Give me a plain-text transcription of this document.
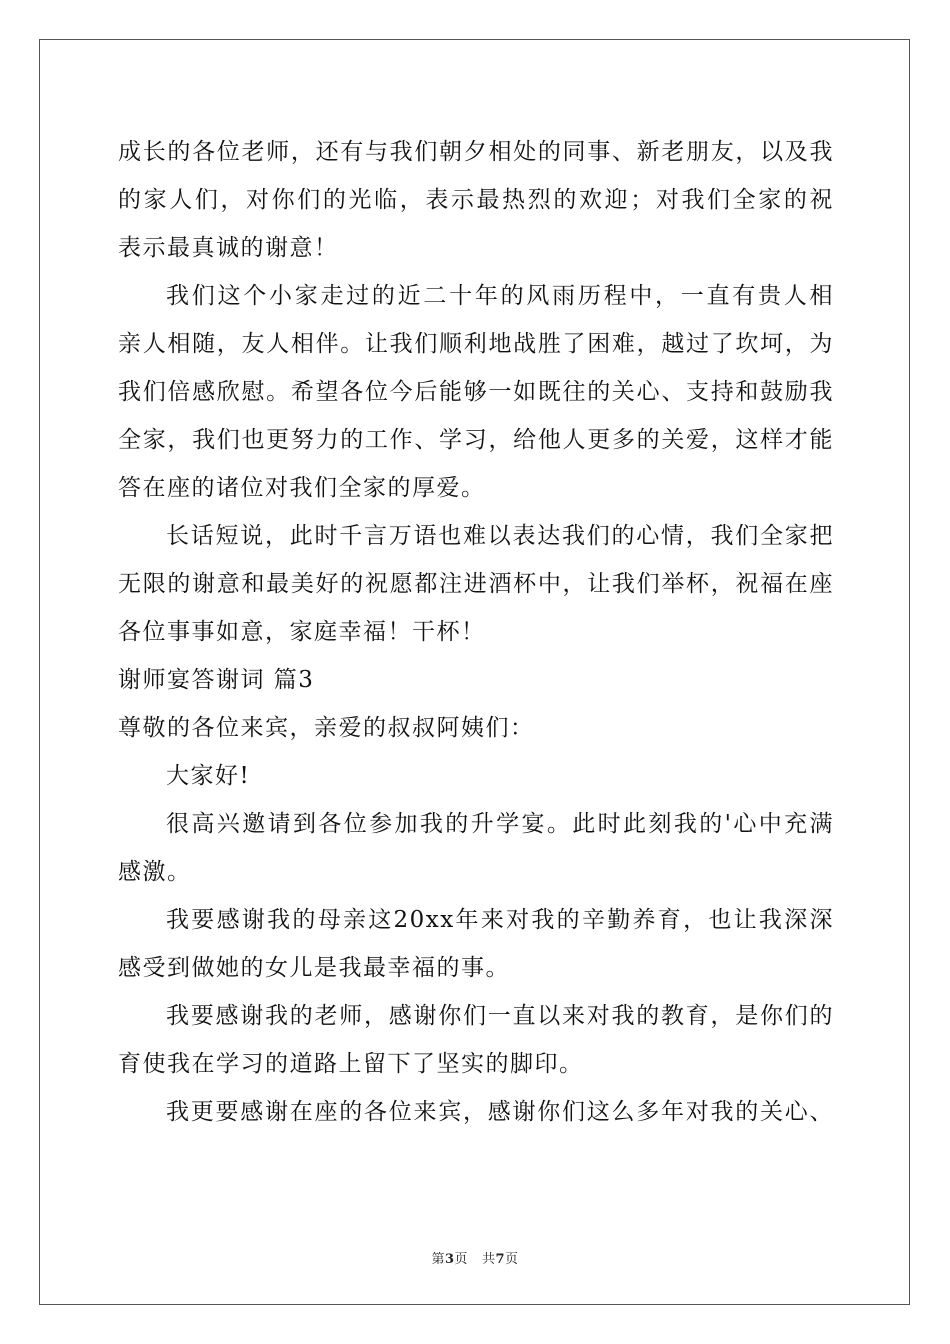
成长的各位老师，还有与我们朝夕相处的同事、新老朋友，以及我
的家人们，对你们的光临，表示最热烈的欢迎；对我们全家的祝
表示最真诚的谢意！
我们这个小家走过的近二十年的风雨历程中，一直有贵人相
亲人相随，友人相伴。让我们顺利地战胜了困难，越过了坎坷，为
我们倍感欣慰。希望各位今后能够一如既往的关心、支持和鼓励我
全家，我们也更努力的工作、学习，给他人更多的关爱，这样才能
答在座的诸位对我们全家的厚爱。
长话短说，此时千言万语也难以表达我们的心情，我们全家把
无限的谢意和最美好的祝愿都注进酒杯中，让我们举杯，祝福在座
各位事事如意，家庭幸福！干杯！
谢师宴答谢词 篇3
尊敬的各位来宾，亲爱的叔叔阿姨们：
大家好!
很高兴邀请到各位参加我的升学宴。此时此刻我的'心中充满
感激。
我要感谢我的母亲这20xx年来对我的辛勤养育，也让我深深
感受到做她的女儿是我最幸福的事。
我要感谢我的老师，感谢你们一直以来对我的教育，是你们的
育使我在学习的道路上留下了坚实的脚印。
我更要感谢在座的各位来宾，感谢你们这么多年对我的关心、
第3页 共7页
